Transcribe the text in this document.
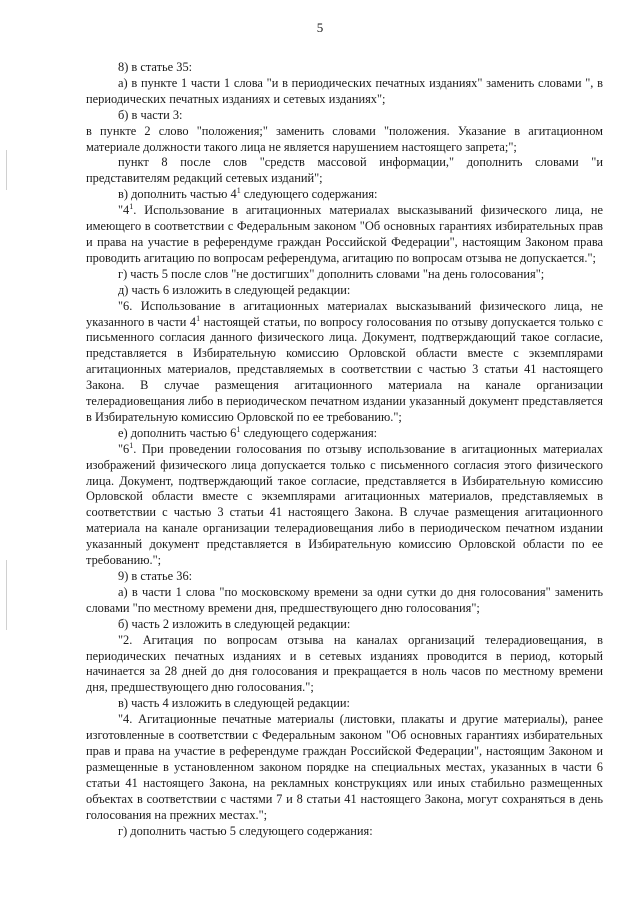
5

8) в статье 35:

а) в пункте 1 части 1 слова "и в периодических печатных изданиях" заменить словами ", в периодических печатных изданиях и сетевых изданиях";

б) в части 3:

в пункте 2 слово "положения;" заменить словами "положения. Указание в агитационном материале должности такого лица не является нарушением настоящего запрета;";

пункт 8 после слов "средств массовой информации," дополнить словами "и представителям редакций сетевых изданий";

в) дополнить частью $4^1$ следующего содержания:

"$4^1$. Использование в агитационных материалах высказываний физического лица, не имеющего в соответствии с Федеральным законом "Об основных гарантиях избирательных прав и права на участие в референдуме граждан Российской Федерации", настоящим Законом права проводить агитацию по вопросам референдума, агитацию по вопросам отзыва не допускается.";

г) часть 5 после слов "не достигших" дополнить словами "на день голосования";

д) часть 6 изложить в следующей редакции:

"6. Использование в агитационных материалах высказываний физического лица, не указанного в части $4^1$ настоящей статьи, по вопросу голосования по отзыву допускается только с письменного согласия данного физического лица. Документ, подтверждающий такое согласие, представляется в Избирательную комиссию Орловской области вместе с экземплярами агитационных материалов, представляемых в соответствии с частью 3 статьи 41 настоящего Закона. В случае размещения агитационного материала на канале организации телерадиовещания либо в периодическом печатном издании указанный документ представляется в Избирательную комиссию Орловской по ее требованию.";

е) дополнить частью $6^1$ следующего содержания:

"$6^1$. При проведении голосования по отзыву использование в агитационных материалах изображений физического лица допускается только с письменного согласия этого физического лица. Документ, подтверждающий такое согласие, представляется в Избирательную комиссию Орловской области вместе с экземплярами агитационных материалов, представляемых в соответствии с частью 3 статьи 41 настоящего Закона. В случае размещения агитационного материала на канале организации телерадиовещания либо в периодическом печатном издании указанный документ представляется в Избирательную комиссию Орловской области по ее требованию.";

9) в статье 36:

а) в части 1 слова "по московскому времени за одни сутки до дня голосования" заменить словами "по местному времени дня, предшествующего дню голосования";

б) часть 2 изложить в следующей редакции:

"2. Агитация по вопросам отзыва на каналах организаций телерадиовещания, в периодических печатных изданиях и в сетевых изданиях проводится в период, который начинается за 28 дней до дня голосования и прекращается в ноль часов по местному времени дня, предшествующего дню голосования.";

в) часть 4 изложить в следующей редакции:

"4. Агитационные печатные материалы (листовки, плакаты и другие материалы), ранее изготовленные в соответствии с Федеральным законом "Об основных гарантиях избирательных прав и права на участие в референдуме граждан Российской Федерации", настоящим Законом и размещенные в установленном законом порядке на специальных местах, указанных в части 6 статьи 41 настоящего Закона, на рекламных конструкциях или иных стабильно размещенных объектах в соответствии с частями 7 и 8 статьи 41 настоящего Закона, могут сохраняться в день голосования на прежних местах.";

г) дополнить частью 5 следующего содержания:
